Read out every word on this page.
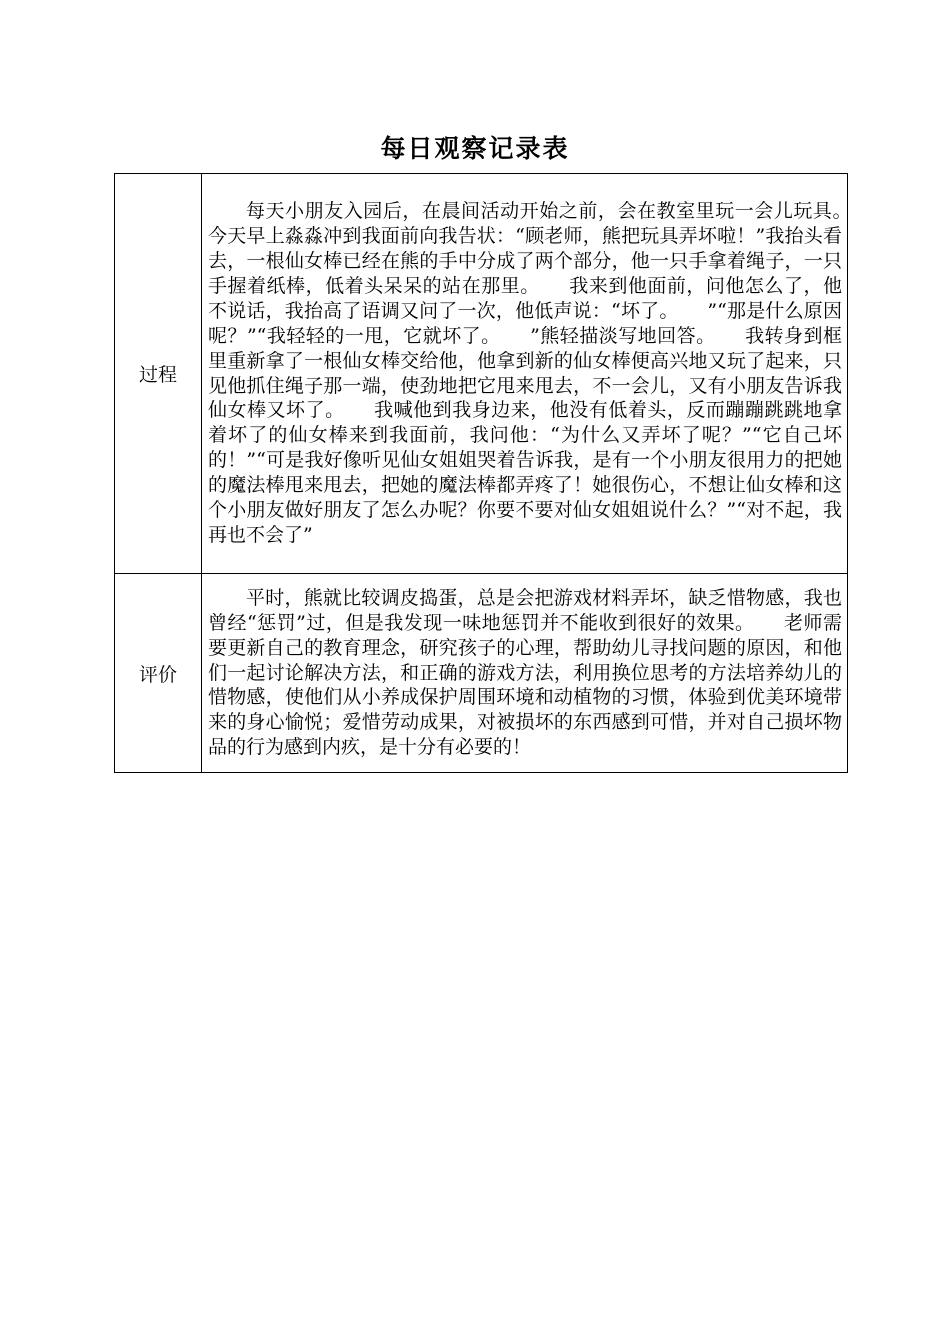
每日观察记录表
过程	每天小朋友入园后，在晨间活动开始之前，会在教室里玩一会儿玩具。　　今天早上淼淼冲到我面前向我告状：“顾老师，熊把玩具弄坏啦！”我抬头看去，一根仙女棒已经在熊的手中分成了两个部分，他一只手拿着绳子，一只手握着纸棒，低着头呆呆的站在那里。　　我来到他面前，问他怎么了，他不说话，我抬高了语调又问了一次，他低声说：“坏了。　　”“那是什么原因呢？”“我轻轻的一甩，它就坏了。　　”熊轻描淡写地回答。　　我转身到框里重新拿了一根仙女棒交给他，他拿到新的仙女棒便高兴地又玩了起来，只见他抓住绳子那一端，使劲地把它甩来甩去，不一会儿，又有小朋友告诉我仙女棒又坏了。　　我喊他到我身边来，他没有低着头，反而蹦蹦跳跳地拿着坏了的仙女棒来到我面前，我问他：“为什么又弄坏了呢？”“它自己坏的！”“可是我好像听见仙女姐姐哭着告诉我，是有一个小朋友很用力的把她的魔法棒甩来甩去，把她的魔法棒都弄疼了！她很伤心，不想让仙女棒和这个小朋友做好朋友了怎么办呢？你要不要对仙女姐姐说什么？”“对不起，我再也不会了”
评价	平时，熊就比较调皮捣蛋，总是会把游戏材料弄坏，缺乏惜物感，我也曾经“惩罚”过，但是我发现一味地惩罚并不能收到很好的效果。　　老师需要更新自己的教育理念，研究孩子的心理，帮助幼儿寻找问题的原因，和他们一起讨论解决方法，和正确的游戏方法，利用换位思考的方法培养幼儿的惜物感，使他们从小养成保护周围环境和动植物的习惯，体验到优美环境带来的身心愉悦；爱惜劳动成果，对被损坏的东西感到可惜，并对自己损坏物品的行为感到内疚，是十分有必要的！
